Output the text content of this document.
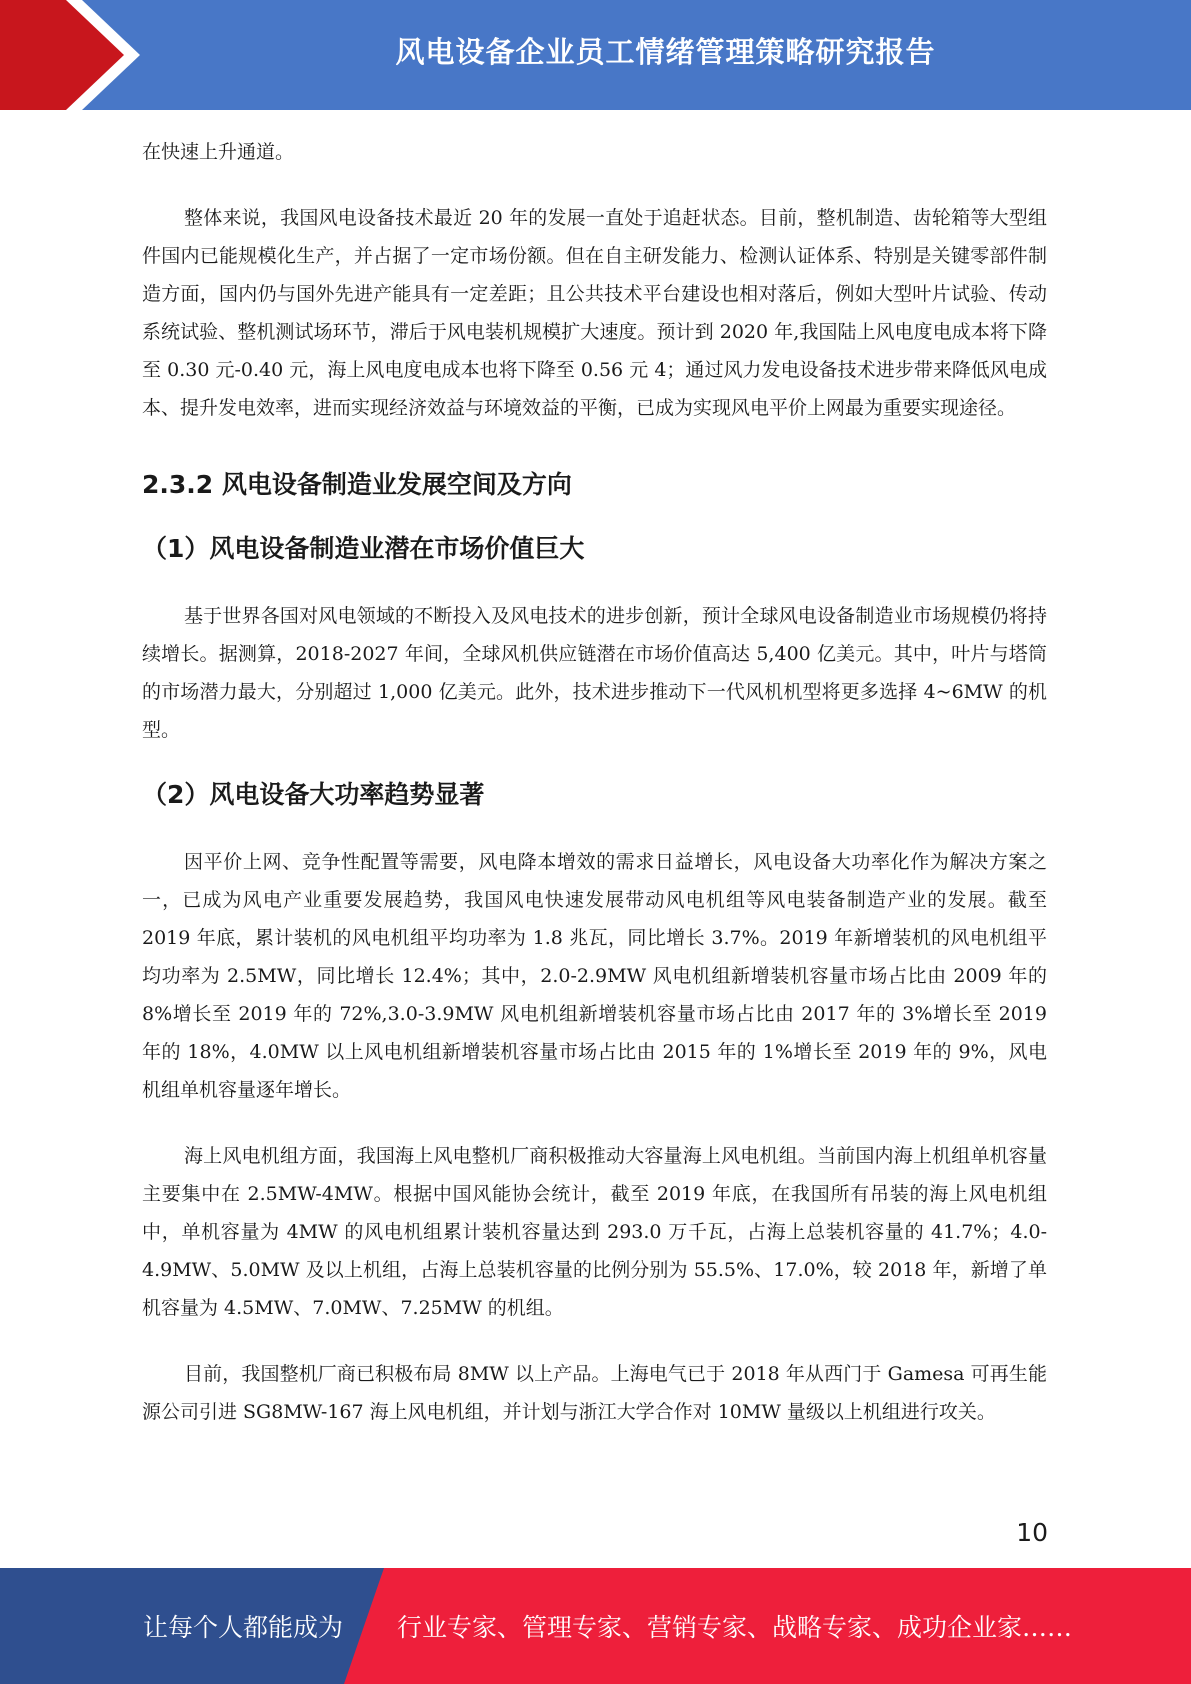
风电设备企业员工情绪管理策略研究报告

在快速上升通道。

整体来说，我国风电设备技术最近 20 年的发展一直处于追赶状态。目前，整机制造、齿轮箱等大型组件国内已能规模化生产，并占据了一定市场份额。但在自主研发能力、检测认证体系、特别是关键零部件制造方面，国内仍与国外先进产能具有一定差距；且公共技术平台建设也相对落后，例如大型叶片试验、传动系统试验、整机测试场环节，滞后于风电装机规模扩大速度。预计到 2020 年,我国陆上风电度电成本将下降至 0.30 元-0.40 元，海上风电度电成本也将下降至 0.56 元 4；通过风力发电设备技术进步带来降低风电成本、提升发电效率，进而实现经济效益与环境效益的平衡，已成为实现风电平价上网最为重要实现途径。

2.3.2 风电设备制造业发展空间及方向
（1）风电设备制造业潜在市场价值巨大

基于世界各国对风电领域的不断投入及风电技术的进步创新，预计全球风电设备制造业市场规模仍将持续增长。据测算，2018-2027 年间，全球风机供应链潜在市场价值高达 5,400 亿美元。其中，叶片与塔筒的市场潜力最大，分别超过 1,000 亿美元。此外，技术进步推动下一代风机机型将更多选择 4~6MW 的机型。

（2）风电设备大功率趋势显著

因平价上网、竞争性配置等需要，风电降本增效的需求日益增长，风电设备大功率化作为解决方案之一，已成为风电产业重要发展趋势，我国风电快速发展带动风电机组等风电装备制造产业的发展。截至 2019 年底，累计装机的风电机组平均功率为 1.8 兆瓦，同比增长 3.7%。2019 年新增装机的风电机组平均功率为 2.5MW，同比增长 12.4%；其中，2.0-2.9MW 风电机组新增装机容量市场占比由 2009 年的 8%增长至 2019 年的 72%,3.0-3.9MW 风电机组新增装机容量市场占比由 2017 年的 3%增长至 2019 年的 18%，4.0MW 以上风电机组新增装机容量市场占比由 2015 年的 1%增长至 2019 年的 9%，风电机组单机容量逐年增长。

海上风电机组方面，我国海上风电整机厂商积极推动大容量海上风电机组。当前国内海上机组单机容量主要集中在 2.5MW-4MW。根据中国风能协会统计，截至 2019 年底，在我国所有吊装的海上风电机组中，单机容量为 4MW 的风电机组累计装机容量达到 293.0 万千瓦，占海上总装机容量的 41.7%；4.0-4.9MW、5.0MW 及以上机组，占海上总装机容量的比例分别为 55.5%、17.0%，较 2018 年，新增了单机容量为 4.5MW、7.0MW、7.25MW 的机组。

目前，我国整机厂商已积极布局 8MW 以上产品。上海电气已于 2018 年从西门于 Gamesa 可再生能源公司引进 SG8MW-167 海上风电机组，并计划与浙江大学合作对 10MW 量级以上机组进行攻关。

10
让每个人都能成为 行业专家、管理专家、营销专家、战略专家、成功企业家……
